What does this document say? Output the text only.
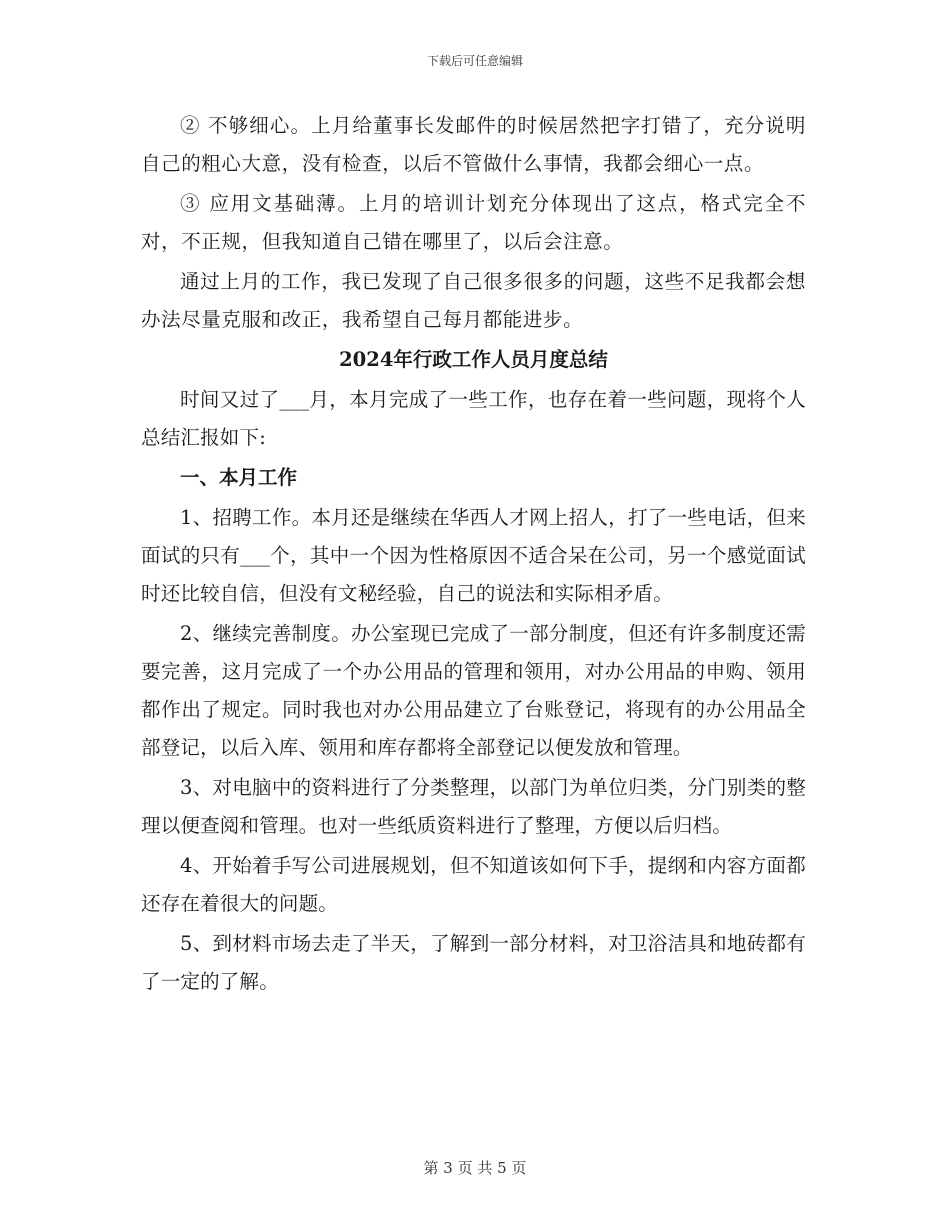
下载后可任意编辑

② 不够细心。上月给董事长发邮件的时候居然把字打错了，充分说明自己的粗心大意，没有检查，以后不管做什么事情，我都会细心一点。

③ 应用文基础薄。上月的培训计划充分体现出了这点，格式完全不对，不正规，但我知道自己错在哪里了，以后会注意。

通过上月的工作，我已发现了自己很多很多的问题，这些不足我都会想办法尽量克服和改正，我希望自己每月都能进步。

2024年行政工作人员月度总结

时间又过了___月，本月完成了一些工作，也存在着一些问题，现将个人总结汇报如下:

一、本月工作

1、招聘工作。本月还是继续在华西人才网上招人，打了一些电话，但来面试的只有___个，其中一个因为性格原因不适合呆在公司，另一个感觉面试时还比较自信，但没有文秘经验，自己的说法和实际相矛盾。

2、继续完善制度。办公室现已完成了一部分制度，但还有许多制度还需要完善，这月完成了一个办公用品的管理和领用，对办公用品的申购、领用都作出了规定。同时我也对办公用品建立了台账登记，将现有的办公用品全部登记，以后入库、领用和库存都将全部登记以便发放和管理。

3、对电脑中的资料进行了分类整理，以部门为单位归类，分门别类的整理以便查阅和管理。也对一些纸质资料进行了整理，方便以后归档。

4、开始着手写公司进展规划，但不知道该如何下手，提纲和内容方面都还存在着很大的问题。

5、到材料市场去走了半天，了解到一部分材料，对卫浴洁具和地砖都有了一定的了解。

第 3 页 共 5 页
